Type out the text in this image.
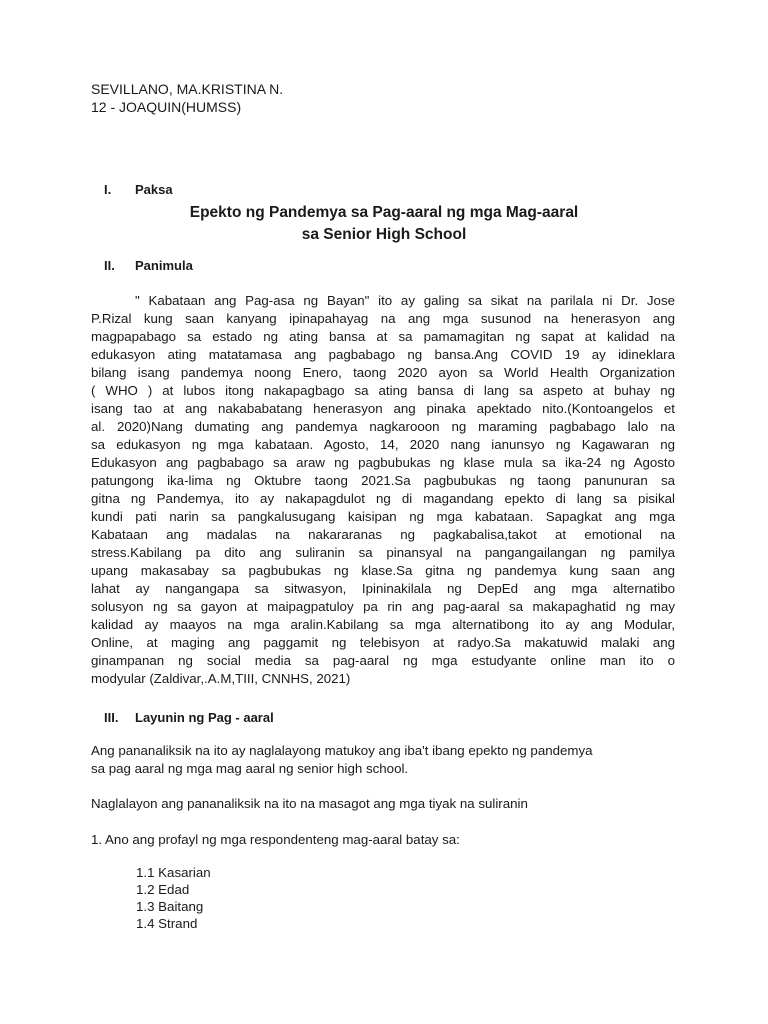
SEVILLANO, MA.KRISTINA N.
12 - JOAQUIN(HUMSS)
I. Paksa
Epekto ng Pandemya sa Pag-aaral ng mga Mag-aaral
sa Senior High School
II. Panimula
" Kabataan ang Pag-asa ng Bayan" ito ay galing sa sikat na parilala ni Dr. Jose
P.Rizal kung saan kanyang ipinapahayag na ang mga susunod na henerasyon ang
magpapabago sa estado ng ating bansa at sa pamamagitan ng sapat at kalidad na
edukasyon ating matatamasa ang pagbabago ng bansa.Ang COVID 19 ay idineklara
bilang isang pandemya noong Enero, taong 2020 ayon sa World Health Organization
( WHO ) at lubos itong nakapagbago sa ating bansa di lang sa aspeto at buhay ng
isang tao at ang nakababatang henerasyon ang pinaka apektado nito.(Kontoangelos et
al. 2020)Nang dumating ang pandemya nagkarooon ng maraming pagbabago lalo na
sa edukasyon ng mga kabataan. Agosto, 14, 2020 nang ianunsyo ng Kagawaran ng
Edukasyon ang pagbabago sa araw ng pagbubukas ng klase mula sa ika-24 ng Agosto
patungong ika-lima ng Oktubre taong 2021.Sa pagbubukas ng taong panunuran sa
gitna ng Pandemya, ito ay nakapagdulot ng di magandang epekto di lang sa pisikal
kundi pati narin sa pangkalusugang kaisipan ng mga kabataan. Sapagkat ang mga
Kabataan ang madalas na nakararanas ng pagkabalisa,takot at emotional na
stress.Kabilang pa dito ang suliranin sa pinansyal na pangangailangan ng pamilya
upang makasabay sa pagbubukas ng klase.Sa gitna ng pandemya kung saan ang
lahat ay nangangapa sa sitwasyon, Ipininakilala ng DepEd ang mga alternatibo
solusyon ng sa gayon at maipagpatuloy pa rin ang pag-aaral sa makapaghatid ng may
kalidad ay maayos na mga aralin.Kabilang sa mga alternatibong ito ay ang Modular,
Online, at maging ang paggamit ng telebisyon at radyo.Sa makatuwid malaki ang
ginampanan ng social media sa pag-aaral ng mga estudyante online man ito o
modyular (Zaldivar,.A.M,TIII, CNNHS, 2021)
III. Layunin ng Pag - aaral
Ang pananaliksik na ito ay naglalayong matukoy ang iba't ibang epekto ng pandemya
sa pag aaral ng mga mag aaral ng senior high school.
Naglalayon ang pananaliksik na ito na masagot ang mga tiyak na suliranin
1. Ano ang profayl ng mga respondenteng mag-aaral batay sa:
1.1 Kasarian
1.2 Edad
1.3 Baitang
1.4 Strand
